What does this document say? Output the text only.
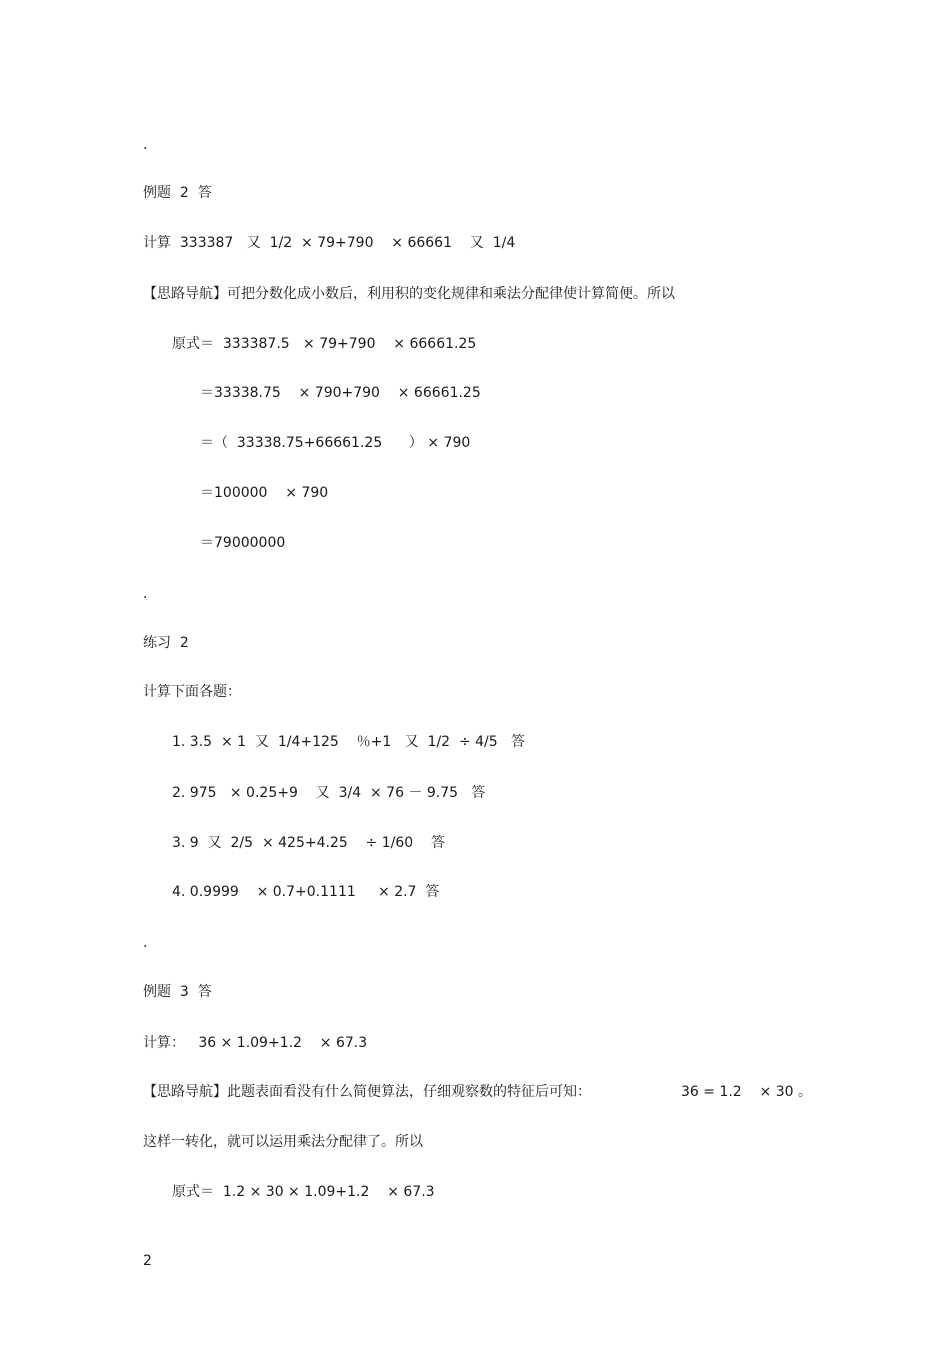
.
例题  2  答
计算  333387   又  1/2  × 79+790    × 66661    又  1/4
【思路导航】可把分数化成小数后，利用积的变化规律和乘法分配律使计算简便。所以
原式＝  333387.5   × 79+790    × 66661.25
＝33338.75    × 790+790    × 66661.25
＝（  33338.75+66661.25      ） × 790
＝100000    × 790
＝79000000
.
练习  2
计算下面各题：
1. 3.5  × 1  又  1/4+125    ％+1   又  1/2  ÷ 4/5   答
2. 975   × 0.25+9    又  3/4  × 76 － 9.75   答
3. 9  又  2/5  × 425+4.25    ÷ 1/60    答
4. 0.9999    × 0.7+0.1111     × 2.7  答
.
例题  3  答
计算：   36 × 1.09+1.2    × 67.3
【思路导航】此题表面看没有什么简便算法，仔细观察数的特征后可知：	36 = 1.2    × 30 。
这样一转化，就可以运用乘法分配律了。所以
原式＝  1.2 × 30 × 1.09+1.2    × 67.3
2
